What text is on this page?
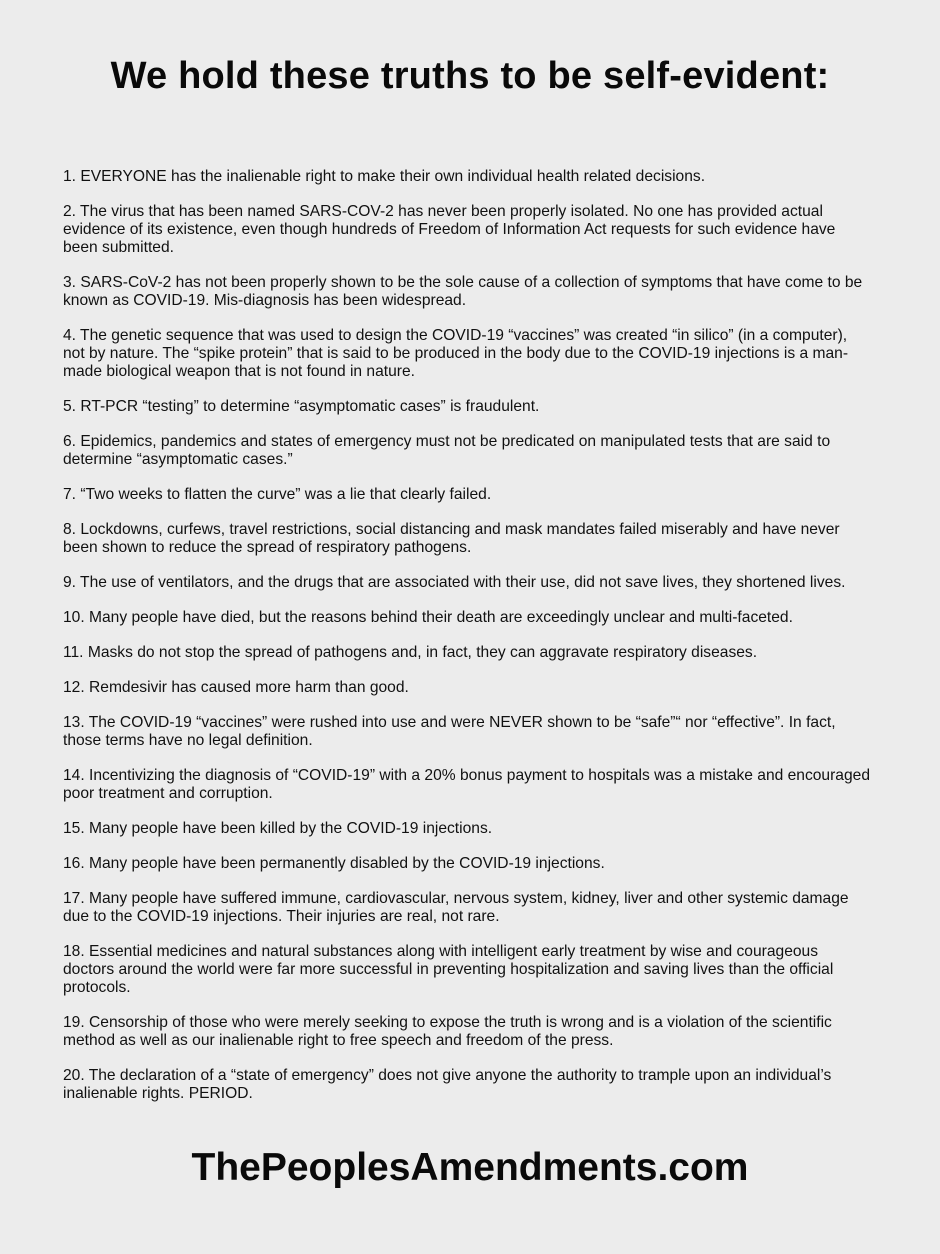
We hold these truths to be self-evident:
1. EVERYONE has the inalienable right to make their own individual health related decisions.
2. The virus that has been named SARS-COV-2 has never been properly isolated. No one has provided actual evidence of its existence, even though hundreds of Freedom of Information Act requests for such evidence have been submitted.
3. SARS-CoV-2 has not been properly shown to be the sole cause of a collection of symptoms that have come to be known as COVID-19. Mis-diagnosis has been widespread.
4. The genetic sequence that was used to design the COVID-19 “vaccines” was created “in silico” (in a computer), not by nature. The “spike protein” that is said to be produced in the body due to the COVID-19 injections is a man-made biological weapon that is not found in nature.
5. RT-PCR “testing” to determine “asymptomatic cases” is fraudulent.
6. Epidemics, pandemics and states of emergency must not be predicated on manipulated tests that are said to determine “asymptomatic cases.”
7. “Two weeks to flatten the curve” was a lie that clearly failed.
8. Lockdowns, curfews, travel restrictions, social distancing and mask mandates failed miserably and have never been shown to reduce the spread of respiratory pathogens.
9. The use of ventilators, and the drugs that are associated with their use, did not save lives, they shortened lives.
10. Many people have died, but the reasons behind their death are exceedingly unclear and multi-faceted.
11. Masks do not stop the spread of pathogens and, in fact, they can aggravate respiratory diseases.
12. Remdesivir has caused more harm than good.
13. The COVID-19 “vaccines” were rushed into use and were NEVER shown to be “safe”“ nor “effective”. In fact, those terms have no legal definition.
14. Incentivizing the diagnosis of “COVID-19” with a 20% bonus payment to hospitals was a mistake and encouraged poor treatment and corruption.
15. Many people have been killed by the COVID-19 injections.
16. Many people have been permanently disabled by the COVID-19 injections.
17. Many people have suffered immune, cardiovascular, nervous system, kidney, liver and other systemic damage due to the COVID-19 injections. Their injuries are real, not rare.
18. Essential medicines and natural substances along with intelligent early treatment by wise and courageous doctors around the world were far more successful in preventing hospitalization and saving lives than the official protocols.
19. Censorship of those who were merely seeking to expose the truth is wrong and is a violation of the scientific method as well as our inalienable right to free speech and freedom of the press.
20. The declaration of a “state of emergency” does not give anyone the authority to trample upon an individual’s inalienable rights. PERIOD.
ThePeoplesAmendments.com
